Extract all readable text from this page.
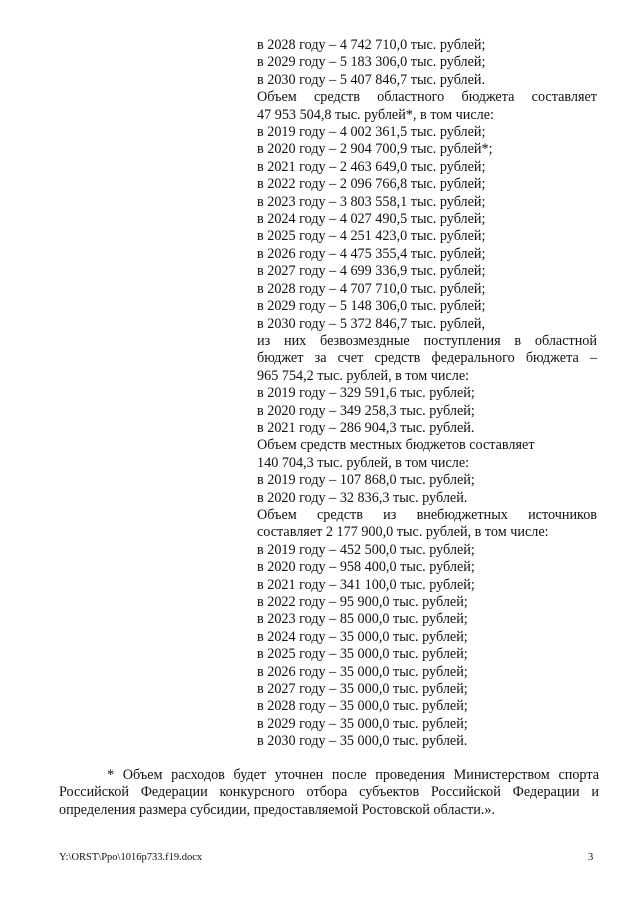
в 2028 году – 4 742 710,0 тыс. рублей;
в 2029 году – 5 183 306,0 тыс. рублей;
в 2030 году – 5 407 846,7 тыс. рублей.
Объем средств областного бюджета составляет
47 953 504,8 тыс. рублей*, в том числе:
в 2019 году – 4 002 361,5 тыс. рублей;
в 2020 году – 2 904 700,9 тыс. рублей*;
в 2021 году – 2 463 649,0 тыс. рублей;
в 2022 году – 2 096 766,8 тыс. рублей;
в 2023 году – 3 803 558,1 тыс. рублей;
в 2024 году – 4 027 490,5 тыс. рублей;
в 2025 году – 4 251 423,0 тыс. рублей;
в 2026 году – 4 475 355,4 тыс. рублей;
в 2027 году – 4 699 336,9 тыс. рублей;
в 2028 году – 4 707 710,0 тыс. рублей;
в 2029 году – 5 148 306,0 тыс. рублей;
в 2030 году – 5 372 846,7 тыс. рублей,
из них безвозмездные поступления в областной
бюджет за счет средств федерального бюджета –
965 754,2 тыс. рублей, в том числе:
в 2019 году – 329 591,6 тыс. рублей;
в 2020 году – 349 258,3 тыс. рублей;
в 2021 году – 286 904,3 тыс. рублей.
Объем средств местных бюджетов составляет
140 704,3 тыс. рублей, в том числе:
в 2019 году – 107 868,0 тыс. рублей;
в 2020 году – 32 836,3 тыс. рублей.
Объем средств из внебюджетных источников
составляет 2 177 900,0 тыс. рублей, в том числе:
в 2019 году – 452 500,0 тыс. рублей;
в 2020 году – 958 400,0 тыс. рублей;
в 2021 году – 341 100,0 тыс. рублей;
в 2022 году – 95 900,0 тыс. рублей;
в 2023 году – 85 000,0 тыс. рублей;
в 2024 году – 35 000,0 тыс. рублей;
в 2025 году – 35 000,0 тыс. рублей;
в 2026 году – 35 000,0 тыс. рублей;
в 2027 году – 35 000,0 тыс. рублей;
в 2028 году – 35 000,0 тыс. рублей;
в 2029 году – 35 000,0 тыс. рублей;
в 2030 году – 35 000,0 тыс. рублей.
* Объем расходов будет уточнен после проведения Министерством спорта Российской Федерации конкурсного отбора субъектов Российской Федерации и определения размера субсидии, предоставляемой Ростовской области.».
Y:\ORST\Ppo\1016p733.f19.docx	3
